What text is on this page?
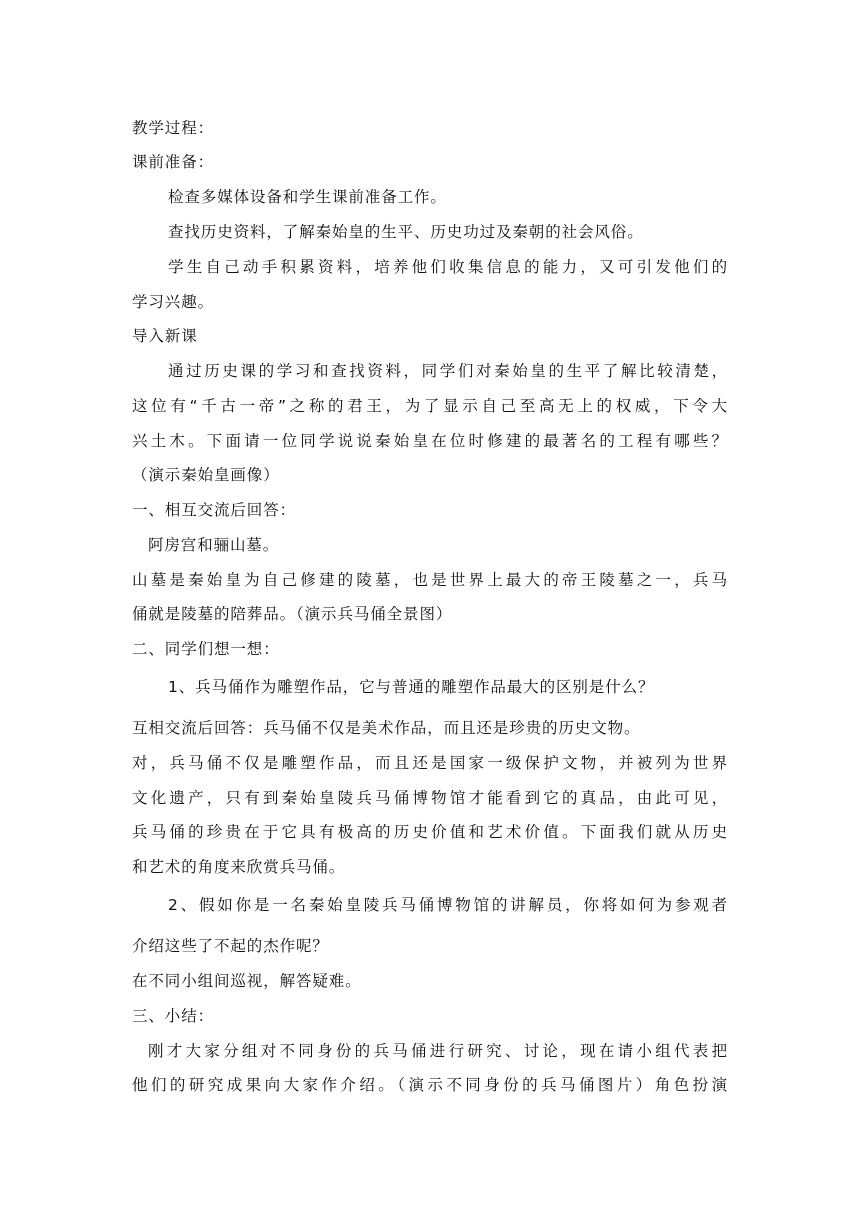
教学过程：
课前准备：
检查多媒体设备和学生课前准备工作。
查找历史资料，了解秦始皇的生平、历史功过及秦朝的社会风俗。
学生自己动手积累资料，培养他们收集信息的能力，又可引发他们的
学习兴趣。
导入新课
通过历史课的学习和查找资料，同学们对秦始皇的生平了解比较清楚，
这位有“千古一帝”之称的君王，为了显示自己至高无上的权威，下令大
兴土木。下面请一位同学说说秦始皇在位时修建的最著名的工程有哪些？
（演示秦始皇画像）
一、相互交流后回答：
阿房宫和骊山墓。
山墓是秦始皇为自己修建的陵墓，也是世界上最大的帝王陵墓之一，兵马
俑就是陵墓的陪葬品。（演示兵马俑全景图）
二、同学们想一想：
1、兵马俑作为雕塑作品，它与普通的雕塑作品最大的区别是什么？
互相交流后回答：兵马俑不仅是美术作品，而且还是珍贵的历史文物。
对，兵马俑不仅是雕塑作品，而且还是国家一级保护文物，并被列为世界
文化遗产，只有到秦始皇陵兵马俑博物馆才能看到它的真品，由此可见，
兵马俑的珍贵在于它具有极高的历史价值和艺术价值。下面我们就从历史
和艺术的角度来欣赏兵马俑。
2、假如你是一名秦始皇陵兵马俑博物馆的讲解员，你将如何为参观者
介绍这些了不起的杰作呢？
在不同小组间巡视，解答疑难。
三、小结：
刚才大家分组对不同身份的兵马俑进行研究、讨论，现在请小组代表把
他们的研究成果向大家作介绍。（演示不同身份的兵马俑图片）角色扮演
